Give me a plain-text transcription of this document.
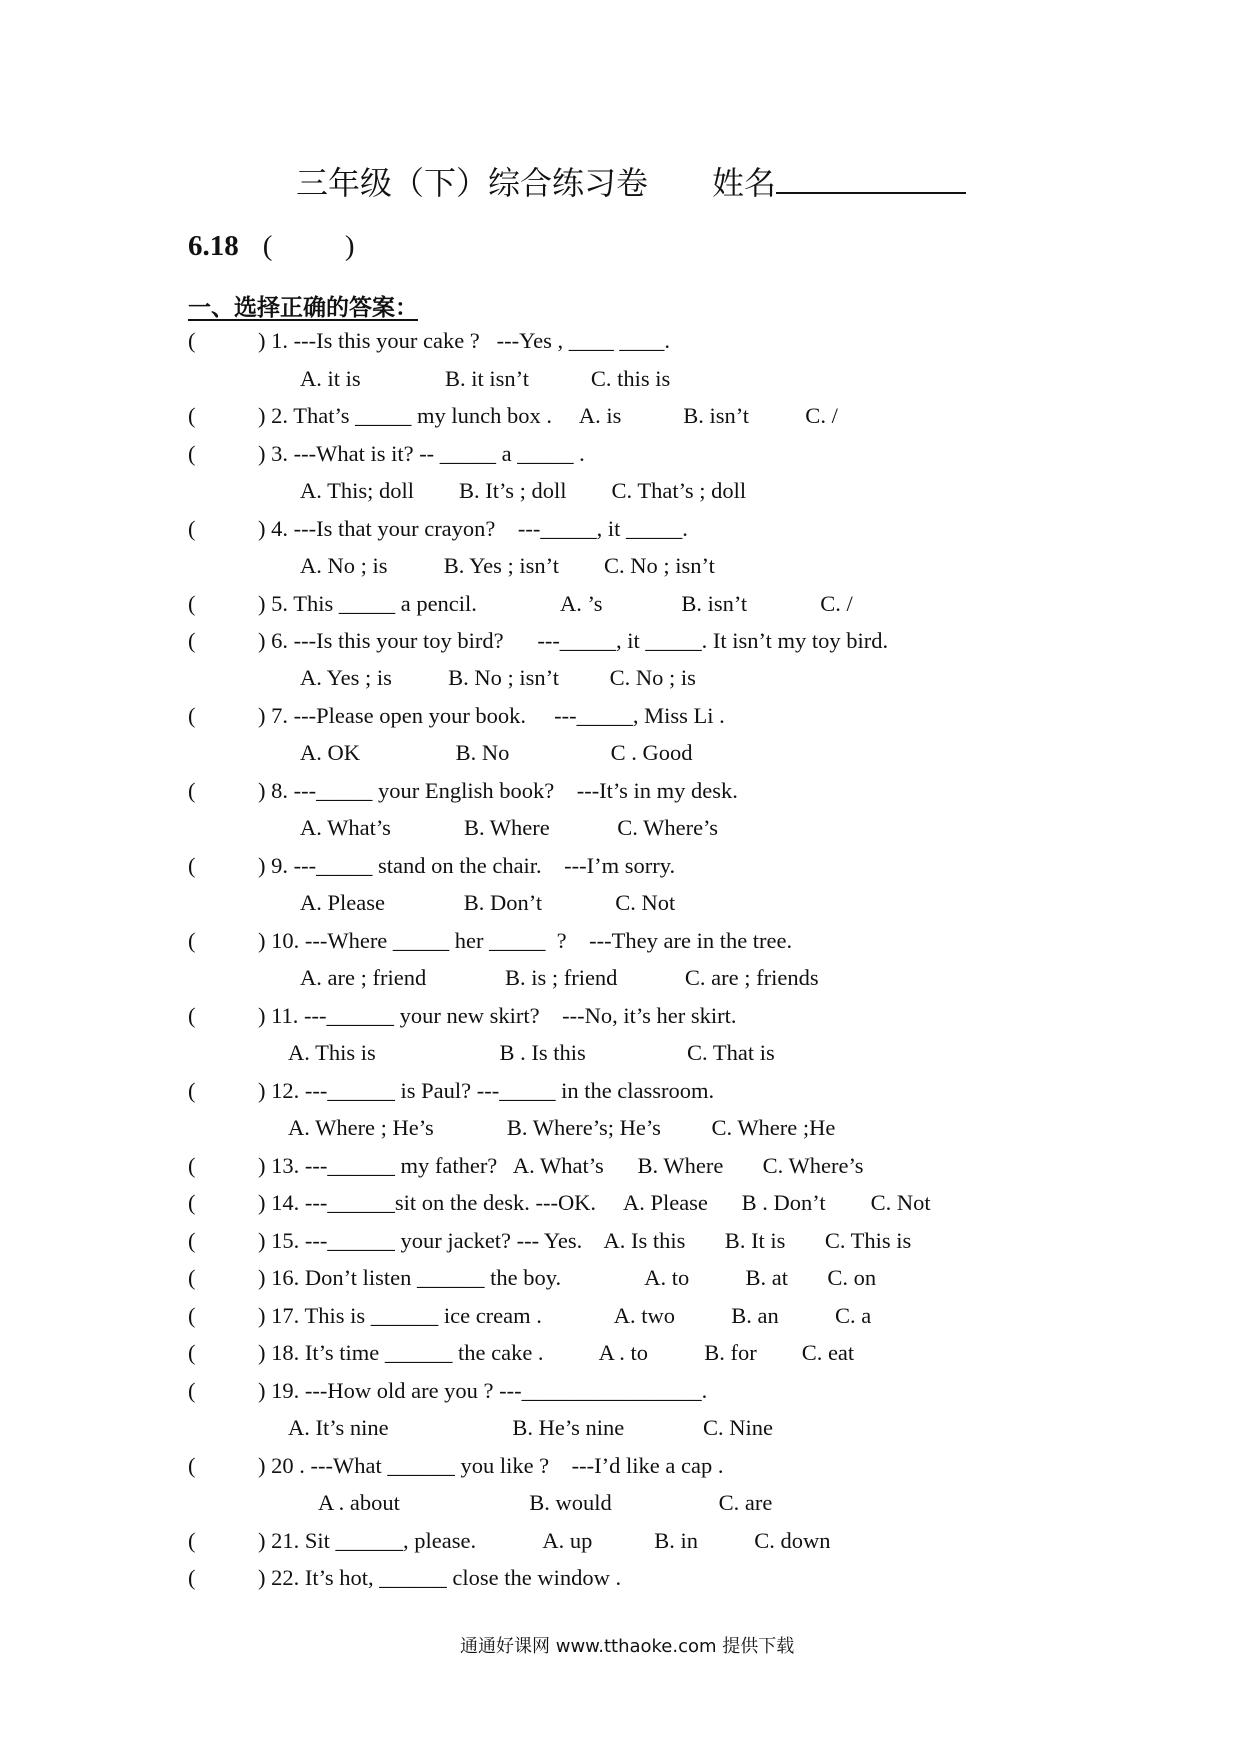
三年级（下）综合练习卷 姓名
6.18 (          )
一、选择正确的答案：
(	) 1. ---Is this your cake ?   ---Yes , ____ ____.
A. it is               B. it isn’t           C. this is
(	) 2. That’s _____ my lunch box .     A. is           B. isn’t          C. /
(	) 3. ---What is it? -- _____ a _____ .
A. This; doll        B. It’s ; doll        C. That’s ; doll
(	) 4. ---Is that your crayon?    ---_____, it _____.
A. No ; is          B. Yes ; isn’t        C. No ; isn’t
(	) 5. This _____ a pencil.               A. ’s              B. isn’t             C. /
(	) 6. ---Is this your toy bird?      ---_____, it _____. It isn’t my toy bird.
A. Yes ; is          B. No ; isn’t         C. No ; is
(	) 7. ---Please open your book.     ---_____, Miss Li .
A. OK                 B. No                  C . Good
(	) 8. ---_____ your English book?    ---It’s in my desk.
A. What’s             B. Where            C. Where’s
(	) 9. ---_____ stand on the chair.    ---I’m sorry.
A. Please              B. Don’t             C. Not
(	) 10. ---Where _____ her _____  ?    ---They are in the tree.
A. are ; friend              B. is ; friend            C. are ; friends
(	) 11. ---______ your new skirt?    ---No, it’s her skirt.
A. This is                      B . Is this                  C. That is
(	) 12. ---______ is Paul? ---_____ in the classroom.
A. Where ; He’s             B. Where’s; He’s         C. Where ;He
(	) 13. ---______ my father?   A. What’s      B. Where       C. Where’s
(	) 14. ---______sit on the desk. ---OK.     A. Please      B . Don’t        C. Not
(	) 15. ---______ your jacket? --- Yes.    A. Is this       B. It is       C. This is
(	) 16. Don’t listen ______ the boy.               A. to          B. at       C. on
(	) 17. This is ______ ice cream .             A. two          B. an          C. a
(	) 18. It’s time ______ the cake .          A . to          B. for        C. eat
(	) 19. ---How old are you ? ---________________.
A. It’s nine                      B. He’s nine              C. Nine
(	) 20 . ---What ______ you like ?    ---I’d like a cap .
A . about                       B. would                   C. are
(	) 21. Sit ______, please.            A. up           B. in          C. down
(	) 22. It’s hot, ______ close the window .
通通好课网 www.tthaoke.com 提供下载
